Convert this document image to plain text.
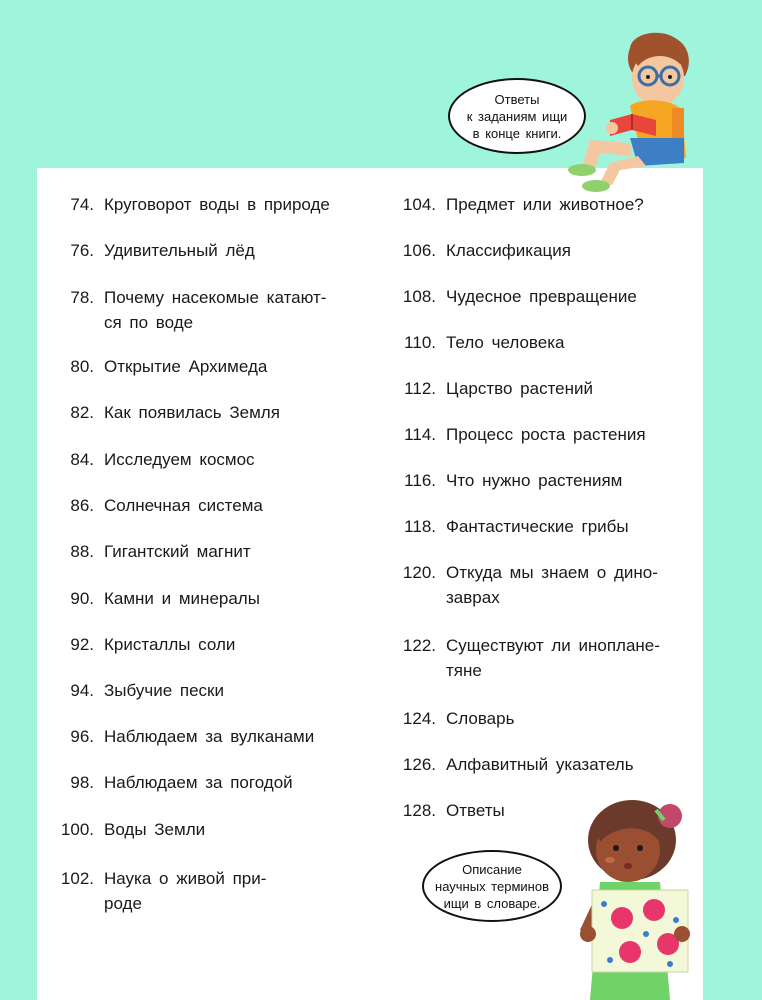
Ответы
к заданиям ищи
в конце книги.
74. Круговорот воды в природе
76. Удивительный лёд
78. Почему насекомые катают-
ся по воде
80. Открытие Архимеда
82. Как появилась Земля
84. Исследуем космос
86. Солнечная система
88. Гигантский магнит
90. Камни и минералы
92. Кристаллы соли
94. Зыбучие пески
96. Наблюдаем за вулканами
98. Наблюдаем за погодой
100. Воды Земли
102. Наука о живой при-
роде
104. Предмет или животное?
106. Классификация
108. Чудесное превращение
110. Тело человека
112. Царство растений
114. Процесс роста растения
116. Что нужно растениям
118. Фантастические грибы
120. Откуда мы знаем о дино-
заврах
122. Существуют ли иноплане-
тяне
124. Словарь
126. Алфавитный указатель
128. Ответы
Описание
научных терминов
ищи в словаре.
